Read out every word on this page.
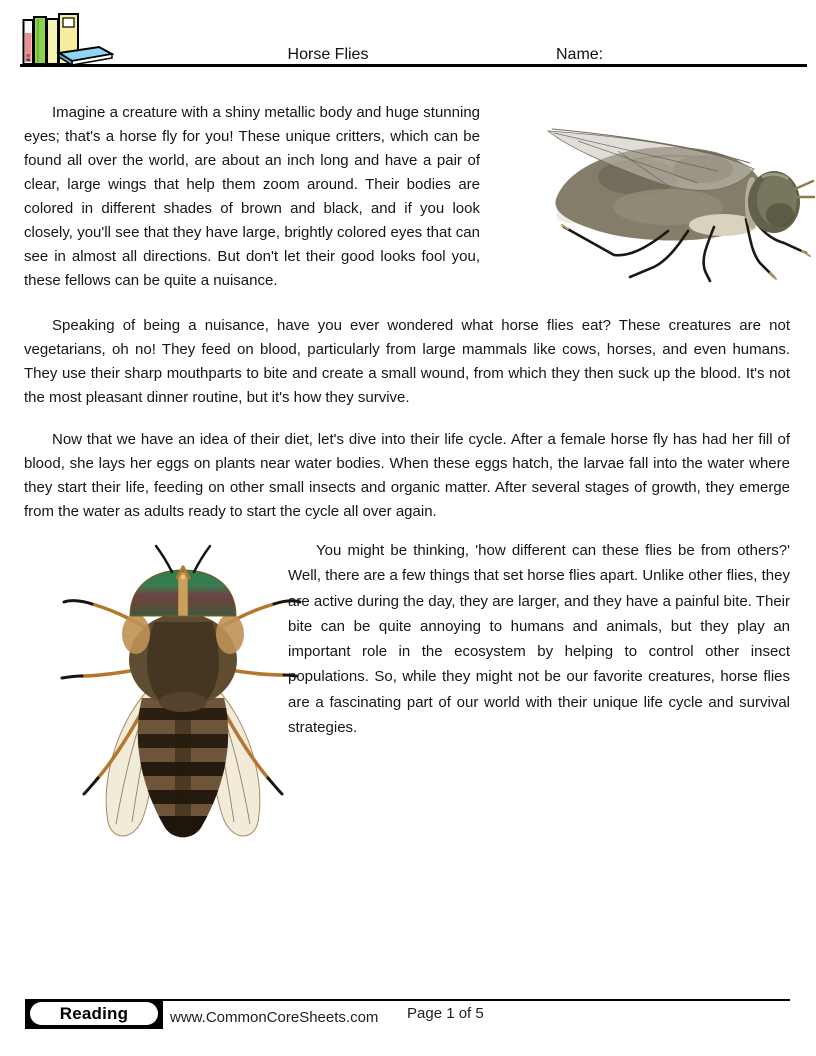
Horse Flies	Name:

Imagine a creature with a shiny metallic body and huge stunning eyes; that's a horse fly for you! These unique critters, which can be found all over the world, are about an inch long and have a pair of clear, large wings that help them zoom around. Their bodies are colored in different shades of brown and black, and if you look closely, you'll see that they have large, brightly colored eyes that can see in almost all directions. But don't let their good looks fool you, these fellows can be quite a nuisance.

Speaking of being a nuisance, have you ever wondered what horse flies eat? These creatures are not vegetarians, oh no! They feed on blood, particularly from large mammals like cows, horses, and even humans. They use their sharp mouthparts to bite and create a small wound, from which they then suck up the blood. It's not the most pleasant dinner routine, but it's how they survive.

Now that we have an idea of their diet, let's dive into their life cycle. After a female horse fly has had her fill of blood, she lays her eggs on plants near water bodies. When these eggs hatch, the larvae fall into the water where they start their life, feeding on other small insects and organic matter. After several stages of growth, they emerge from the water as adults ready to start the cycle all over again.

You might be thinking, 'how different can these flies be from others?' Well, there are a few things that set horse flies apart. Unlike other flies, they are active during the day, they are larger, and they have a painful bite. Their bite can be quite annoying to humans and animals, but they play an important role in the ecosystem by helping to control other insect populations. So, while they might not be our favorite creatures, horse flies are a fascinating part of our world with their unique life cycle and survival strategies.

Reading	www.CommonCoreSheets.com Page 1 of 5
